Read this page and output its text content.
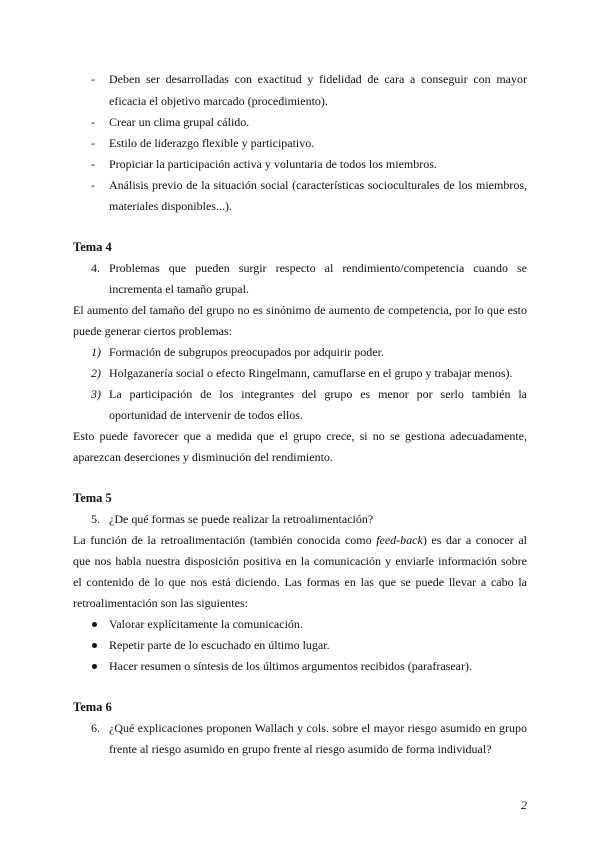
- Deben ser desarrolladas con exactitud y fidelidad de cara a conseguir con mayor
eficacia el objetivo marcado (procedimiento).
- Crear un clima grupal cálido.
- Estilo de liderazgo flexible y participativo.
- Propiciar la participación activa y voluntaria de todos los miembros.
- Análisis previo de la situación social (características socioculturales de los miembros,
materiales disponibles...).
Tema 4
4. Problemas que pueden surgir respecto al rendimiento/competencia cuando se
incrementa el tamaño grupal.
El aumento del tamaño del grupo no es sinónimo de aumento de competencia, por lo que esto
puede generar ciertos problemas:
1) Formación de subgrupos preocupados por adquirir poder.
2) Holgazanería social o efecto Ringelmann, camuflarse en el grupo y trabajar menos).
3) La participación de los integrantes del grupo es menor por serlo también la
oportunidad de intervenir de todos ellos.
Esto puede favorecer que a medida que el grupo crece, si no se gestiona adecuadamente,
aparezcan deserciones y disminución del rendimiento.
Tema 5
5. ¿De qué formas se puede realizar la retroalimentación?
La función de la retroalimentación (también conocida como feed-back) es dar a conocer al
que nos habla nuestra disposición positiva en la comunicación y enviarle información sobre
el contenido de lo que nos está diciendo. Las formas en las que se puede llevar a cabo la
retroalimentación son las siguientes:
Valorar explícitamente la comunicación.
Repetir parte de lo escuchado en último lugar.
Hacer resumen o síntesis de los últimos argumentos recibidos (parafrasear).
Tema 6
6. ¿Qué explicaciones proponen Wallach y cols. sobre el mayor riesgo asumido en grupo
frente al riesgo asumido en grupo frente al riesgo asumido de forma individual?
2
